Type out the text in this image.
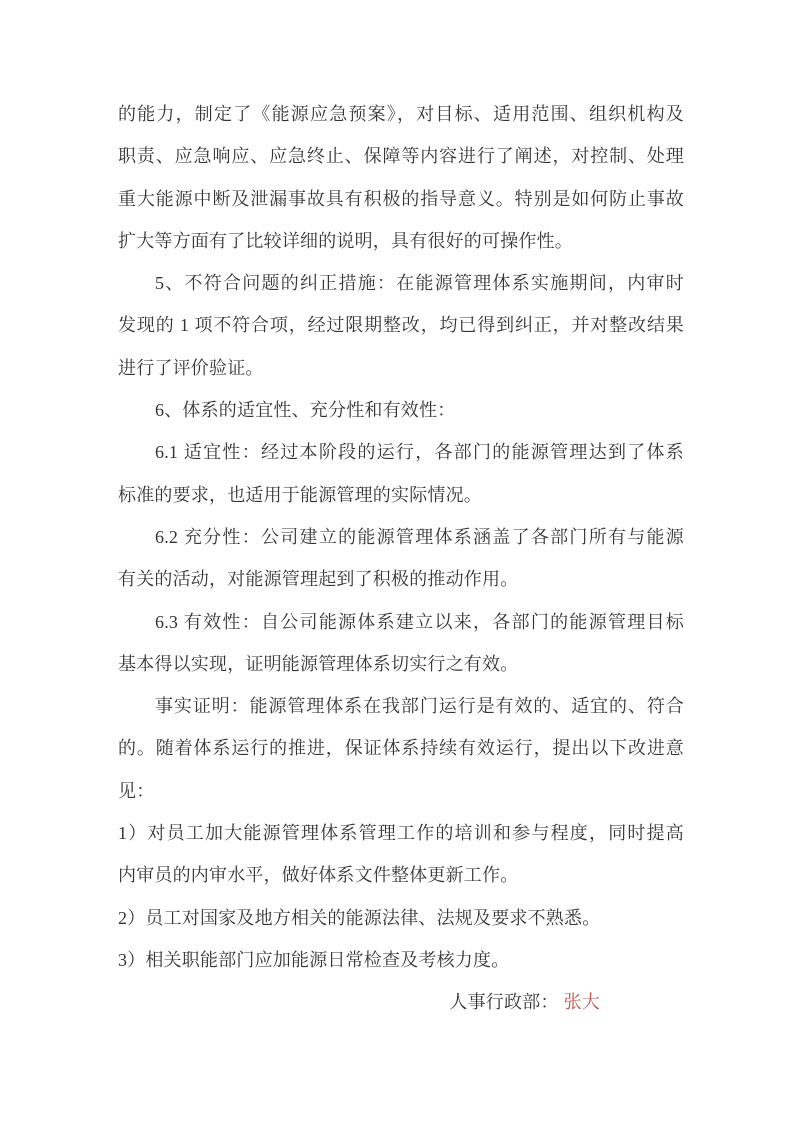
的能力，制定了《能源应急预案》，对目标、适用范围、组织机构及
职责、应急响应、应急终止、保障等内容进行了阐述，对控制、处理
重大能源中断及泄漏事故具有积极的指导意义。特别是如何防止事故
扩大等方面有了比较详细的说明，具有很好的可操作性。
5、不符合问题的纠正措施：在能源管理体系实施期间，内审时
发现的 1 项不符合项，经过限期整改，均已得到纠正，并对整改结果
进行了评价验证。
6、体系的适宜性、充分性和有效性：
6.1 适宜性：经过本阶段的运行，各部门的能源管理达到了体系
标准的要求，也适用于能源管理的实际情况。
6.2 充分性：公司建立的能源管理体系涵盖了各部门所有与能源
有关的活动，对能源管理起到了积极的推动作用。
6.3 有效性：自公司能源体系建立以来，各部门的能源管理目标
基本得以实现，证明能源管理体系切实行之有效。
事实证明：能源管理体系在我部门运行是有效的、适宜的、符合
的。随着体系运行的推进，保证体系持续有效运行，提出以下改进意
见：
1）对员工加大能源管理体系管理工作的培训和参与程度，同时提高
内审员的内审水平，做好体系文件整体更新工作。
2）员工对国家及地方相关的能源法律、法规及要求不熟悉。
3）相关职能部门应加能源日常检查及考核力度。
人事行政部： 张大
